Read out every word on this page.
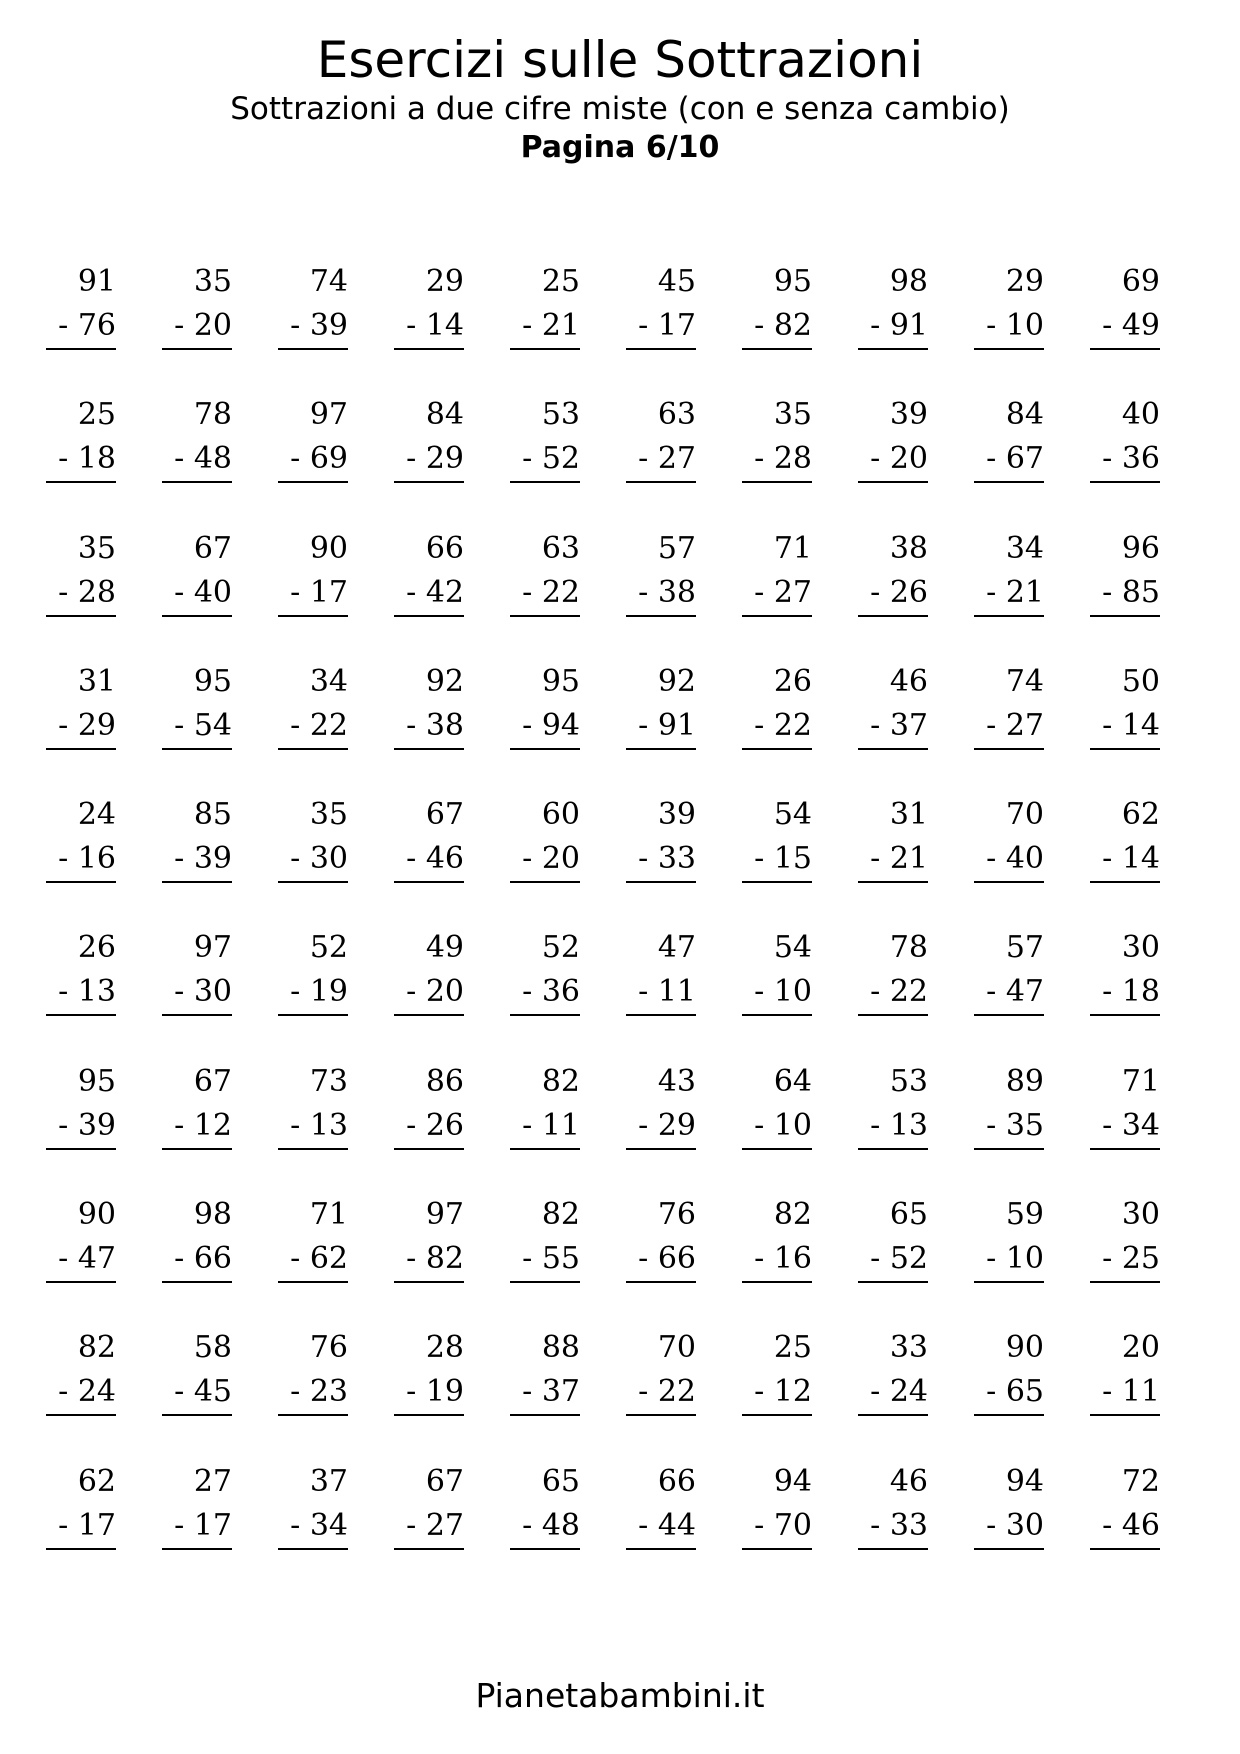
Esercizi sulle Sottrazioni

Sottrazioni a due cifre miste (con e senza cambio)

Pagina 6/10

91
- 76
35
- 20
74
- 39
29
- 14
25
- 21
45
- 17
95
- 82
98
- 91
29
- 10
69
- 49
25
- 18
78
- 48
97
- 69
84
- 29
53
- 52
63
- 27
35
- 28
39
- 20
84
- 67
40
- 36
35
- 28
67
- 40
90
- 17
66
- 42
63
- 22
57
- 38
71
- 27
38
- 26
34
- 21
96
- 85
31
- 29
95
- 54
34
- 22
92
- 38
95
- 94
92
- 91
26
- 22
46
- 37
74
- 27
50
- 14
24
- 16
85
- 39
35
- 30
67
- 46
60
- 20
39
- 33
54
- 15
31
- 21
70
- 40
62
- 14
26
- 13
97
- 30
52
- 19
49
- 20
52
- 36
47
- 11
54
- 10
78
- 22
57
- 47
30
- 18
95
- 39
67
- 12
73
- 13
86
- 26
82
- 11
43
- 29
64
- 10
53
- 13
89
- 35
71
- 34
90
- 47
98
- 66
71
- 62
97
- 82
82
- 55
76
- 66
82
- 16
65
- 52
59
- 10
30
- 25
82
- 24
58
- 45
76
- 23
28
- 19
88
- 37
70
- 22
25
- 12
33
- 24
90
- 65
20
- 11
62
- 17
27
- 17
37
- 34
67
- 27
65
- 48
66
- 44
94
- 70
46
- 33
94
- 30
72
- 46
Pianetabambini.it
